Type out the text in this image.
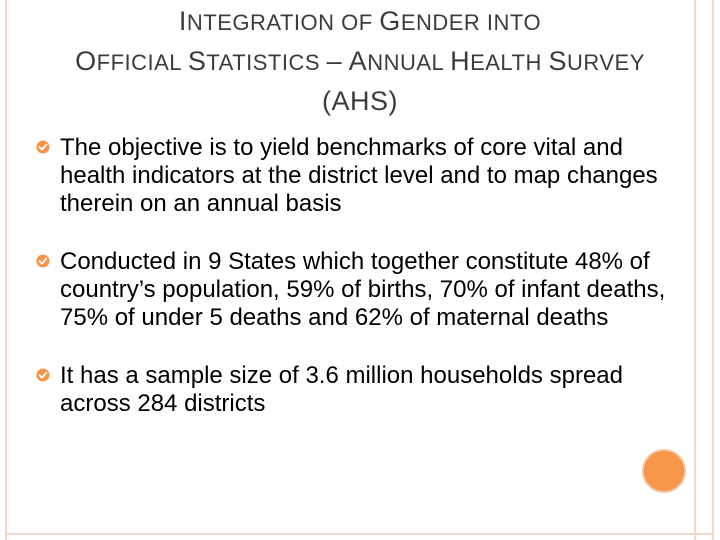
INTEGRATION OF GENDER INTO
OFFICIAL STATISTICS – ANNUAL HEALTH SURVEY
(AHS)
The objective is to yield benchmarks of core vital and health indicators at the district level and to map changes therein on an annual basis
Conducted in 9 States which together constitute 48% of country’s population, 59% of births, 70% of infant deaths, 75% of under 5 deaths and 62% of maternal deaths
It has a sample size of 3.6 million households spread across 284 districts
